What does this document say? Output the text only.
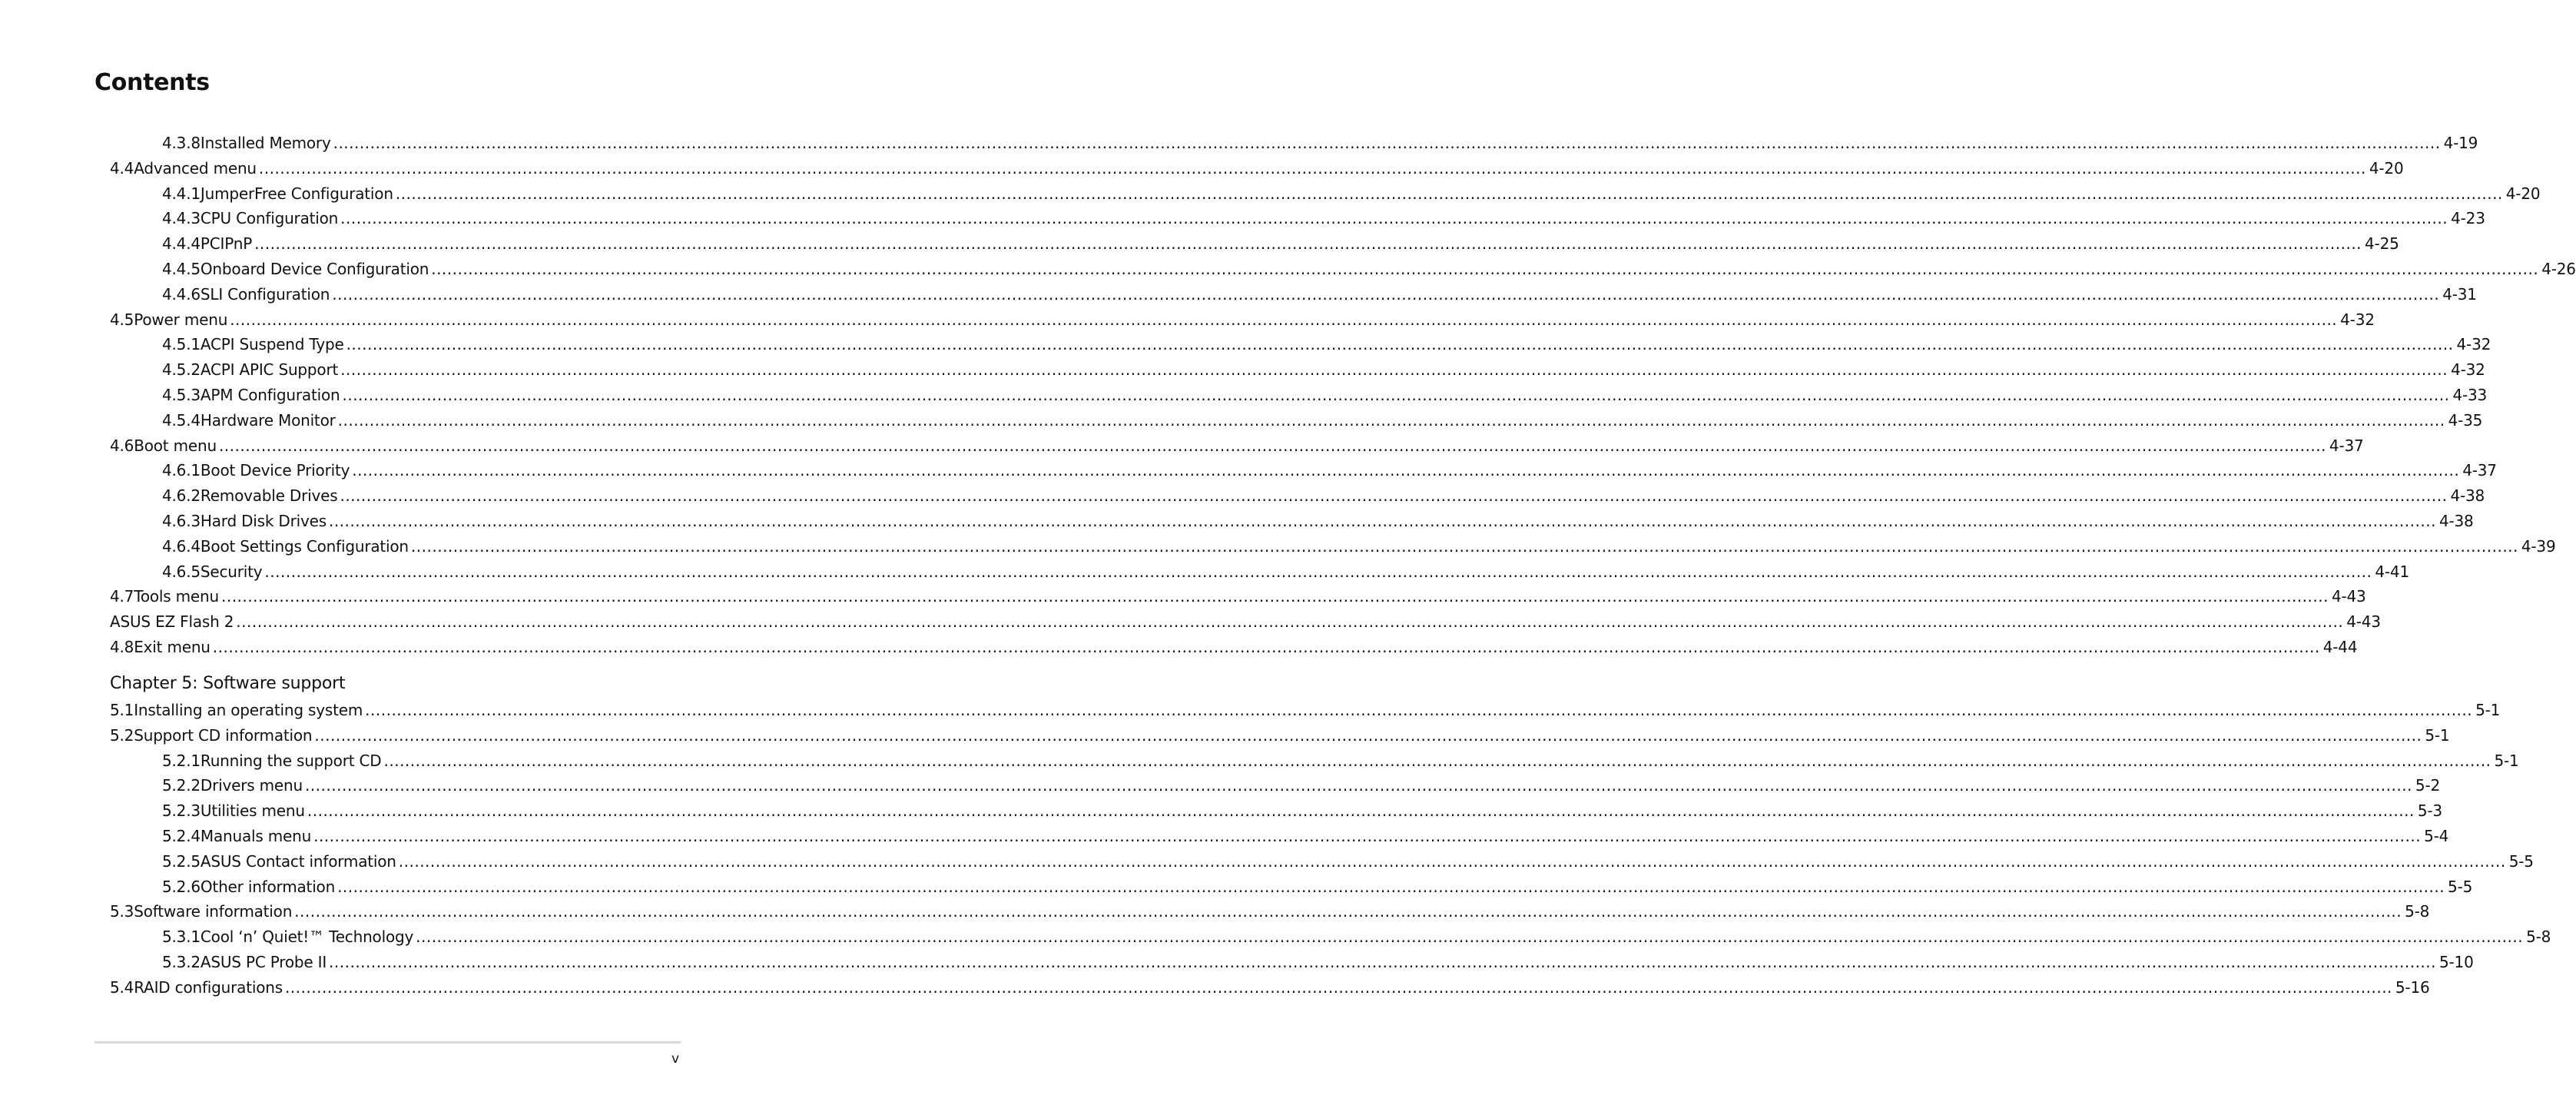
Contents
4.3.8 Installed Memory ................................................................................................................................................................................................................................................................................................................................................................................................................ 4-19
4.4 Advanced menu ................................................................................................................................................................................................................................................................................................................................................................................................................ 4-20
4.4.1 JumperFree Configuration ................................................................................................................................................................................................................................................................................................................................................................................................................ 4-20
4.4.3 CPU Configuration ................................................................................................................................................................................................................................................................................................................................................................................................................ 4-23
4.4.4 PCIPnP ................................................................................................................................................................................................................................................................................................................................................................................................................ 4-25
4.4.5 Onboard Device Configuration ................................................................................................................................................................................................................................................................................................................................................................................................................ 4-26
4.4.6 SLI Configuration ................................................................................................................................................................................................................................................................................................................................................................................................................ 4-31
4.5 Power menu ................................................................................................................................................................................................................................................................................................................................................................................................................ 4-32
4.5.1 ACPI Suspend Type ................................................................................................................................................................................................................................................................................................................................................................................................................ 4-32
4.5.2 ACPI APIC Support ................................................................................................................................................................................................................................................................................................................................................................................................................ 4-32
4.5.3 APM Configuration ................................................................................................................................................................................................................................................................................................................................................................................................................ 4-33
4.5.4 Hardware Monitor ................................................................................................................................................................................................................................................................................................................................................................................................................ 4-35
4.6 Boot menu ................................................................................................................................................................................................................................................................................................................................................................................................................ 4-37
4.6.1 Boot Device Priority ................................................................................................................................................................................................................................................................................................................................................................................................................ 4-37
4.6.2 Removable Drives ................................................................................................................................................................................................................................................................................................................................................................................................................ 4-38
4.6.3 Hard Disk Drives ................................................................................................................................................................................................................................................................................................................................................................................................................ 4-38
4.6.4 Boot Settings Configuration ................................................................................................................................................................................................................................................................................................................................................................................................................ 4-39
4.6.5 Security ................................................................................................................................................................................................................................................................................................................................................................................................................ 4-41
4.7 Tools menu ................................................................................................................................................................................................................................................................................................................................................................................................................ 4-43
ASUS EZ Flash 2 ................................................................................................................................................................................................................................................................................................................................................................................................................ 4-43
4.8 Exit menu ................................................................................................................................................................................................................................................................................................................................................................................................................ 4-44
Chapter 5: Software support
5.1 Installing an operating system ................................................................................................................................................................................................................................................................................................................................................................................................................ 5-1
5.2 Support CD information ................................................................................................................................................................................................................................................................................................................................................................................................................ 5-1
5.2.1 Running the support CD ................................................................................................................................................................................................................................................................................................................................................................................................................ 5-1
5.2.2 Drivers menu ................................................................................................................................................................................................................................................................................................................................................................................................................ 5-2
5.2.3 Utilities menu ................................................................................................................................................................................................................................................................................................................................................................................................................ 5-3
5.2.4 Manuals menu ................................................................................................................................................................................................................................................................................................................................................................................................................ 5-4
5.2.5 ASUS Contact information ................................................................................................................................................................................................................................................................................................................................................................................................................ 5-5
5.2.6 Other information ................................................................................................................................................................................................................................................................................................................................................................................................................ 5-5
5.3 Software information ................................................................................................................................................................................................................................................................................................................................................................................................................ 5-8
5.3.1 Cool ‘n’ Quiet!™ Technology ................................................................................................................................................................................................................................................................................................................................................................................................................ 5-8
5.3.2 ASUS PC Probe II ................................................................................................................................................................................................................................................................................................................................................................................................................ 5-10
5.4 RAID configurations ................................................................................................................................................................................................................................................................................................................................................................................................................ 5-16
v
